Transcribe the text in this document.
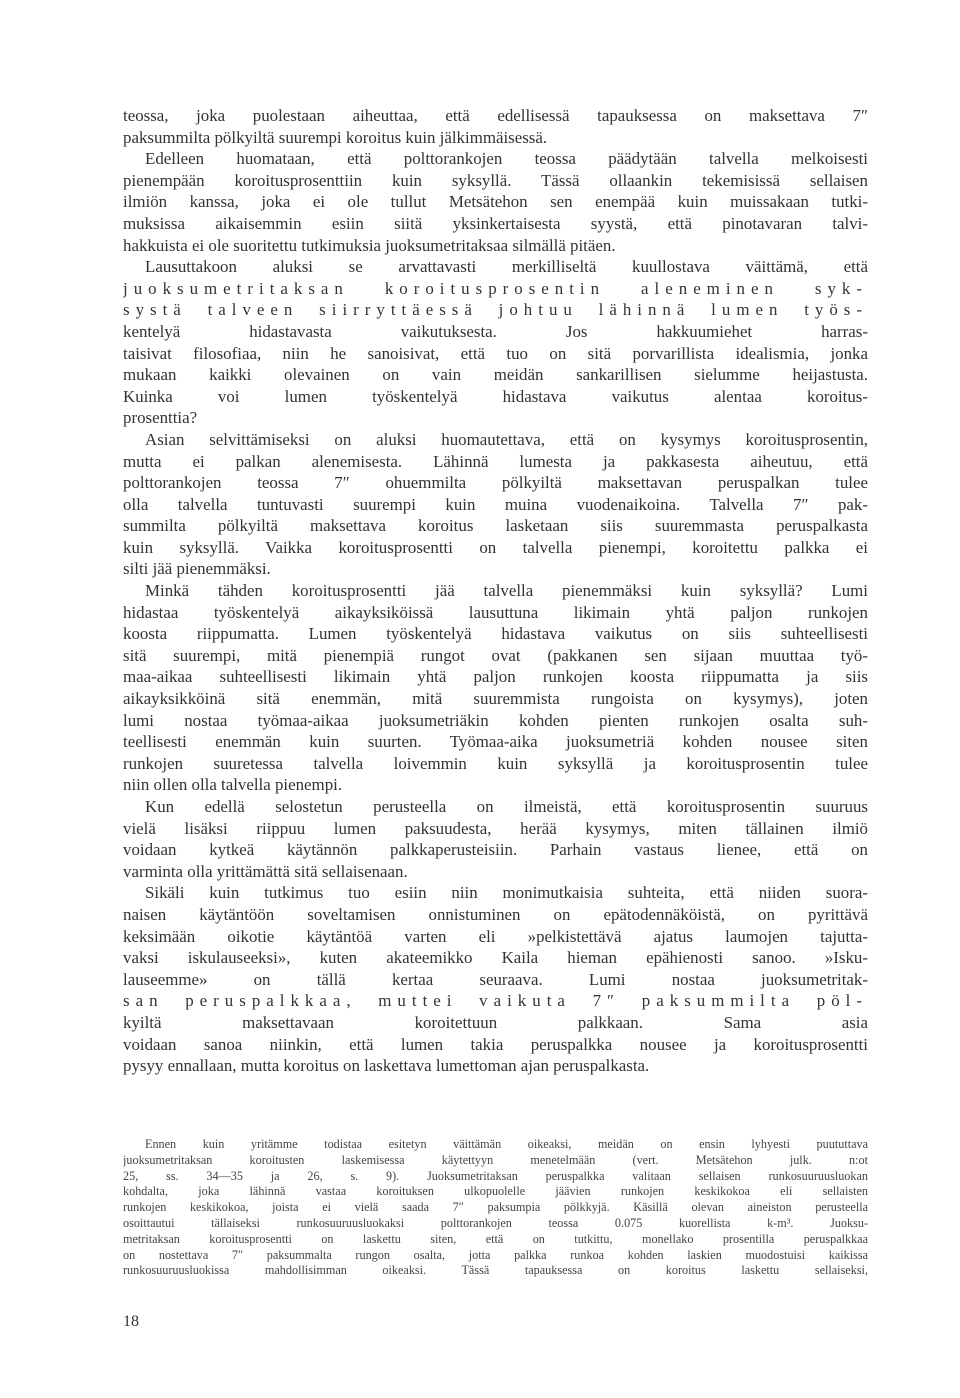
teossa, joka puolestaan aiheuttaa, että edellisessä tapauksessa on maksettava 7″
paksummilta pölkyiltä suurempi koroitus kuin jälkimmäisessä.
Edelleen huomataan, että polttorankojen teossa päädytään talvella melkoisesti
pienempään koroitusprosenttiin kuin syksyllä. Tässä ollaankin tekemisissä sellaisen
ilmiön kanssa, joka ei ole tullut Metsätehon sen enempää kuin muissakaan tutki-
muksissa aikaisemmin esiin siitä yksinkertaisesta syystä, että pinotavaran talvi-
hakkuista ei ole suoritettu tutkimuksia juoksumetritaksaa silmällä pitäen.
Lausuttakoon aluksi se arvattavasti merkilliseltä kuullostava väittämä, että
juoksumetritaksan koroitusprosentin aleneminen syk-
systä talveen siirryttäessä johtuu lähinnä lumen työs-
kentelyä hidastavasta vaikutuksesta. Jos hakkuumiehet harras-
taisivat filosofiaa, niin he sanoisivat, että tuo on sitä porvarillista idealismia, jonka
mukaan kaikki olevainen on vain meidän sankarillisen sielumme heijastusta.
Kuinka voi lumen työskentelyä hidastava vaikutus alentaa koroitus-
prosenttia?
Asian selvittämiseksi on aluksi huomautettava, että on kysymys koroitusprosentin,
mutta ei palkan alenemisesta. Lähinnä lumesta ja pakkasesta aiheutuu, että
polttorankojen teossa 7″ ohuemmilta pölkyiltä maksettavan peruspalkan tulee
olla talvella tuntuvasti suurempi kuin muina vuodenaikoina. Talvella 7″ pak-
summilta pölkyiltä maksettava koroitus lasketaan siis suuremmasta peruspalkasta
kuin syksyllä. Vaikka koroitusprosentti on talvella pienempi, koroitettu palkka ei
silti jää pienemmäksi.
Minkä tähden koroitusprosentti jää talvella pienemmäksi kuin syksyllä? Lumi
hidastaa työskentelyä aikayksiköissä lausuttuna likimain yhtä paljon runkojen
koosta riippumatta. Lumen työskentelyä hidastava vaikutus on siis suhteellisesti
sitä suurempi, mitä pienempiä rungot ovat (pakkanen sen sijaan muuttaa työ-
maa-aikaa suhteellisesti likimain yhtä paljon runkojen koosta riippumatta ja siis
aikayksikköinä sitä enemmän, mitä suuremmista rungoista on kysymys), joten
lumi nostaa työmaa-aikaa juoksumetriäkin kohden pienten runkojen osalta suh-
teellisesti enemmän kuin suurten. Työmaa-aika juoksumetriä kohden nousee siten
runkojen suuretessa talvella loivemmin kuin syksyllä ja koroitusprosentin tulee
niin ollen olla talvella pienempi.
Kun edellä selostetun perusteella on ilmeistä, että koroitusprosentin suuruus
vielä lisäksi riippuu lumen paksuudesta, herää kysymys, miten tällainen ilmiö
voidaan kytkeä käytännön palkkaperusteisiin. Parhain vastaus lienee, että on
varminta olla yrittämättä sitä sellaisenaan.
Sikäli kuin tutkimus tuo esiin niin monimutkaisia suhteita, että niiden suora-
naisen käytäntöön soveltamisen onnistuminen on epätodennäköistä, on pyrittävä
keksimään oikotie käytäntöä varten eli »pelkistettävä ajatus laumojen tajutta-
vaksi iskulauseeksi», kuten akateemikko Kaila hieman epähienosti sanoo. »Isku-
lauseemme» on tällä kertaa seuraava. Lumi nostaa juoksumetritak-
san peruspalkkaa, muttei vaikuta 7″ paksummilta pöl-
kyiltä maksettavaan koroitettuun palkkaan. Sama asia
voidaan sanoa niinkin, että lumen takia peruspalkka nousee ja koroitusprosentti
pysyy ennallaan, mutta koroitus on laskettava lumettoman ajan peruspalkasta.
Ennen kuin yritämme todistaa esitetyn väittämän oikeaksi, meidän on ensin lyhyesti puututtava
juoksumetritaksan koroitusten laskemisessa käytettyyn menetelmään (vert. Metsätehon julk. n:ot
25, ss. 34—35 ja 26, s. 9). Juoksumetritaksan peruspalkka valitaan sellaisen runkosuuruusluokan
kohdalta, joka lähinnä vastaa koroituksen ulkopuolelle jäävien runkojen keskikokoa eli sellaisten
runkojen keskikokoa, joista ei vielä saada 7″ paksumpia pölkkyjä. Käsillä olevan aineiston perusteella
osoittautui tällaiseksi runkosuuruusluokaksi polttorankojen teossa 0.075 kuorellista k-m³. Juoksu-
metritaksan koroitusprosentti on laskettu siten, että on tutkittu, monellako prosentilla peruspalkkaa
on nostettava 7″ paksummalta rungon osalta, jotta palkka runkoa kohden laskien muodostuisi kaikissa
runkosuuruusluokissa mahdollisimman oikeaksi. Tässä tapauksessa on koroitus laskettu sellaiseksi,
18
